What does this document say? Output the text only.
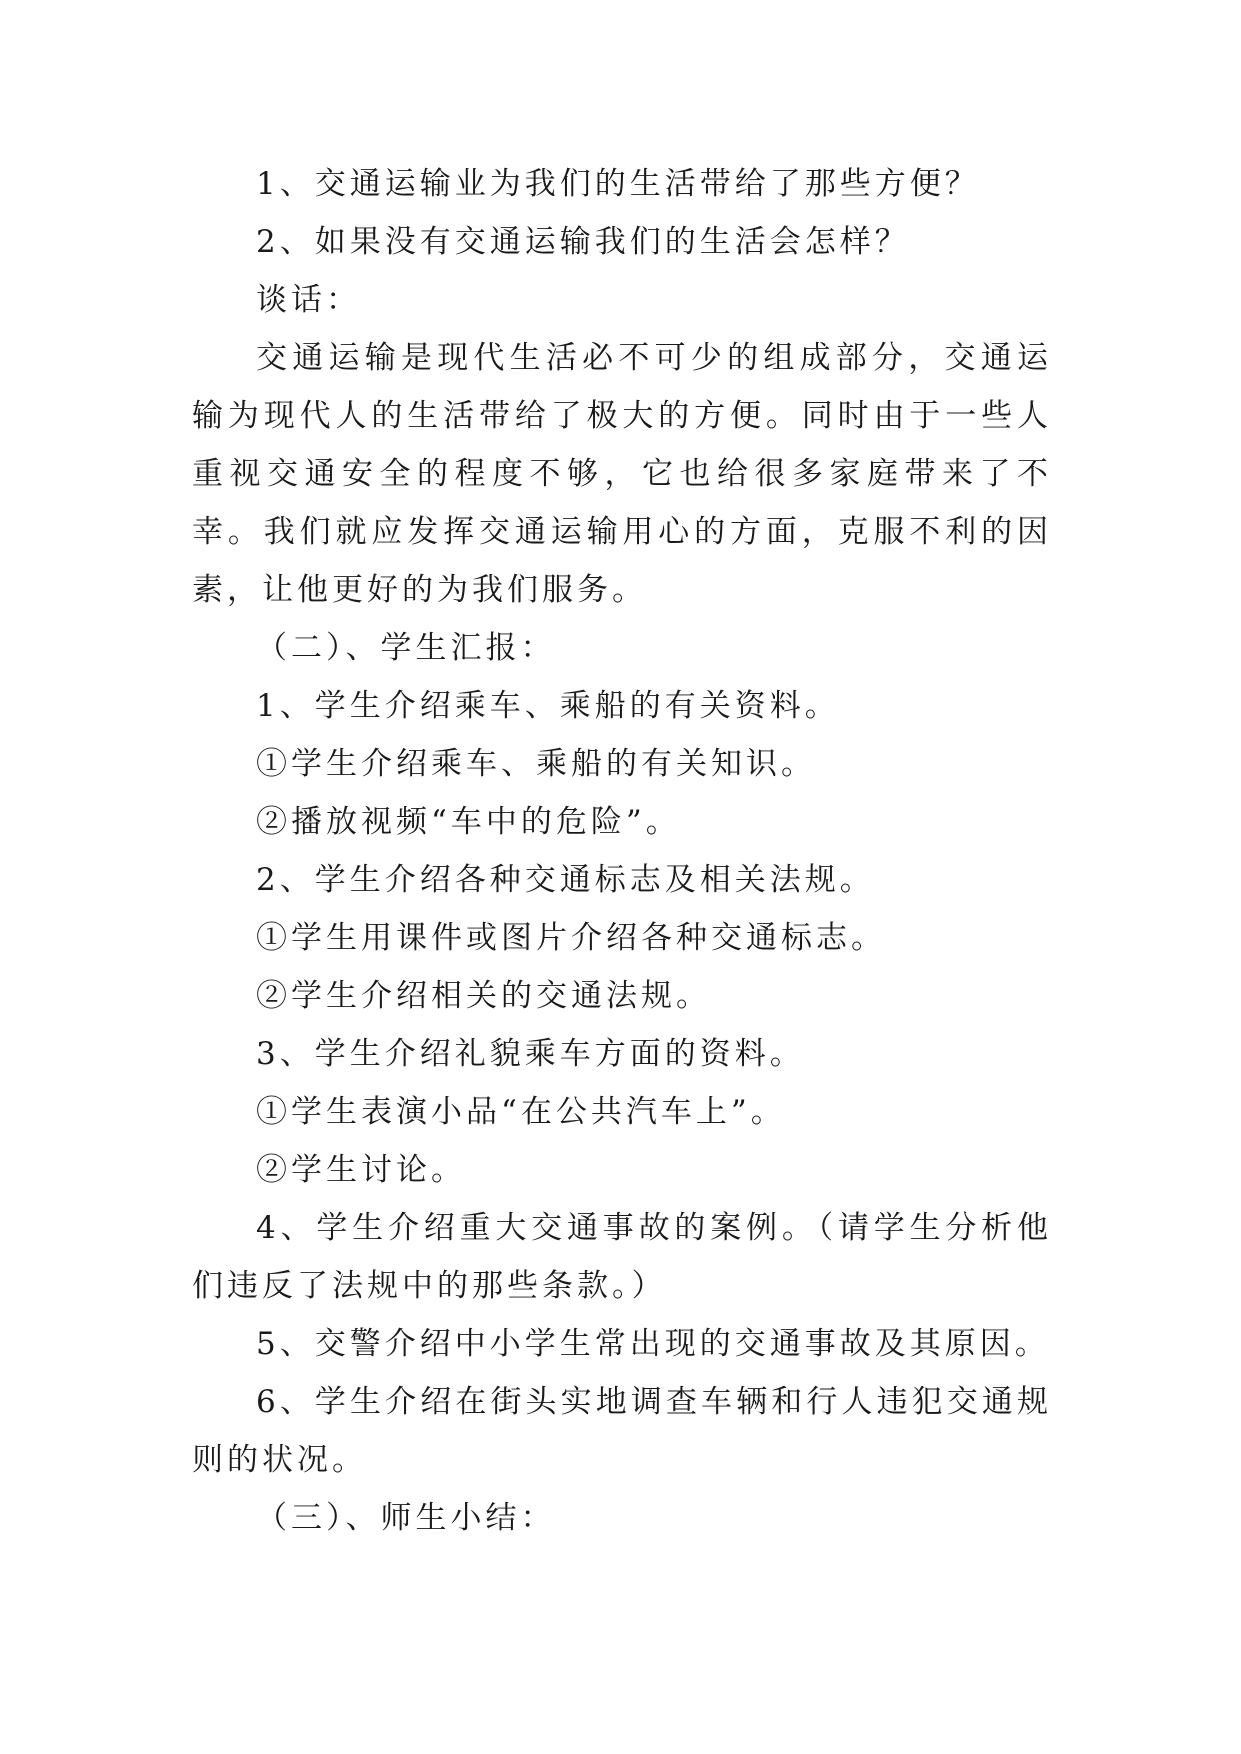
1、交通运输业为我们的生活带给了那些方便？

2、如果没有交通运输我们的生活会怎样？

谈话：

交通运输是现代生活必不可少的组成部分，交通运输为现代人的生活带给了极大的方便。同时由于一些人重视交通安全的程度不够，它也给很多家庭带来了不幸。我们就应发挥交通运输用心的方面，克服不利的因素，让他更好的为我们服务。

（二）、学生汇报：

1、学生介绍乘车、乘船的有关资料。

①学生介绍乘车、乘船的有关知识。

②播放视频“车中的危险”。

2、学生介绍各种交通标志及相关法规。

①学生用课件或图片介绍各种交通标志。

②学生介绍相关的交通法规。

3、学生介绍礼貌乘车方面的资料。

①学生表演小品“在公共汽车上”。

②学生讨论。

4、学生介绍重大交通事故的案例。（请学生分析他们违反了法规中的那些条款。）

5、交警介绍中小学生常出现的交通事故及其原因。

6、学生介绍在街头实地调查车辆和行人违犯交通规则的状况。

（三）、师生小结：
